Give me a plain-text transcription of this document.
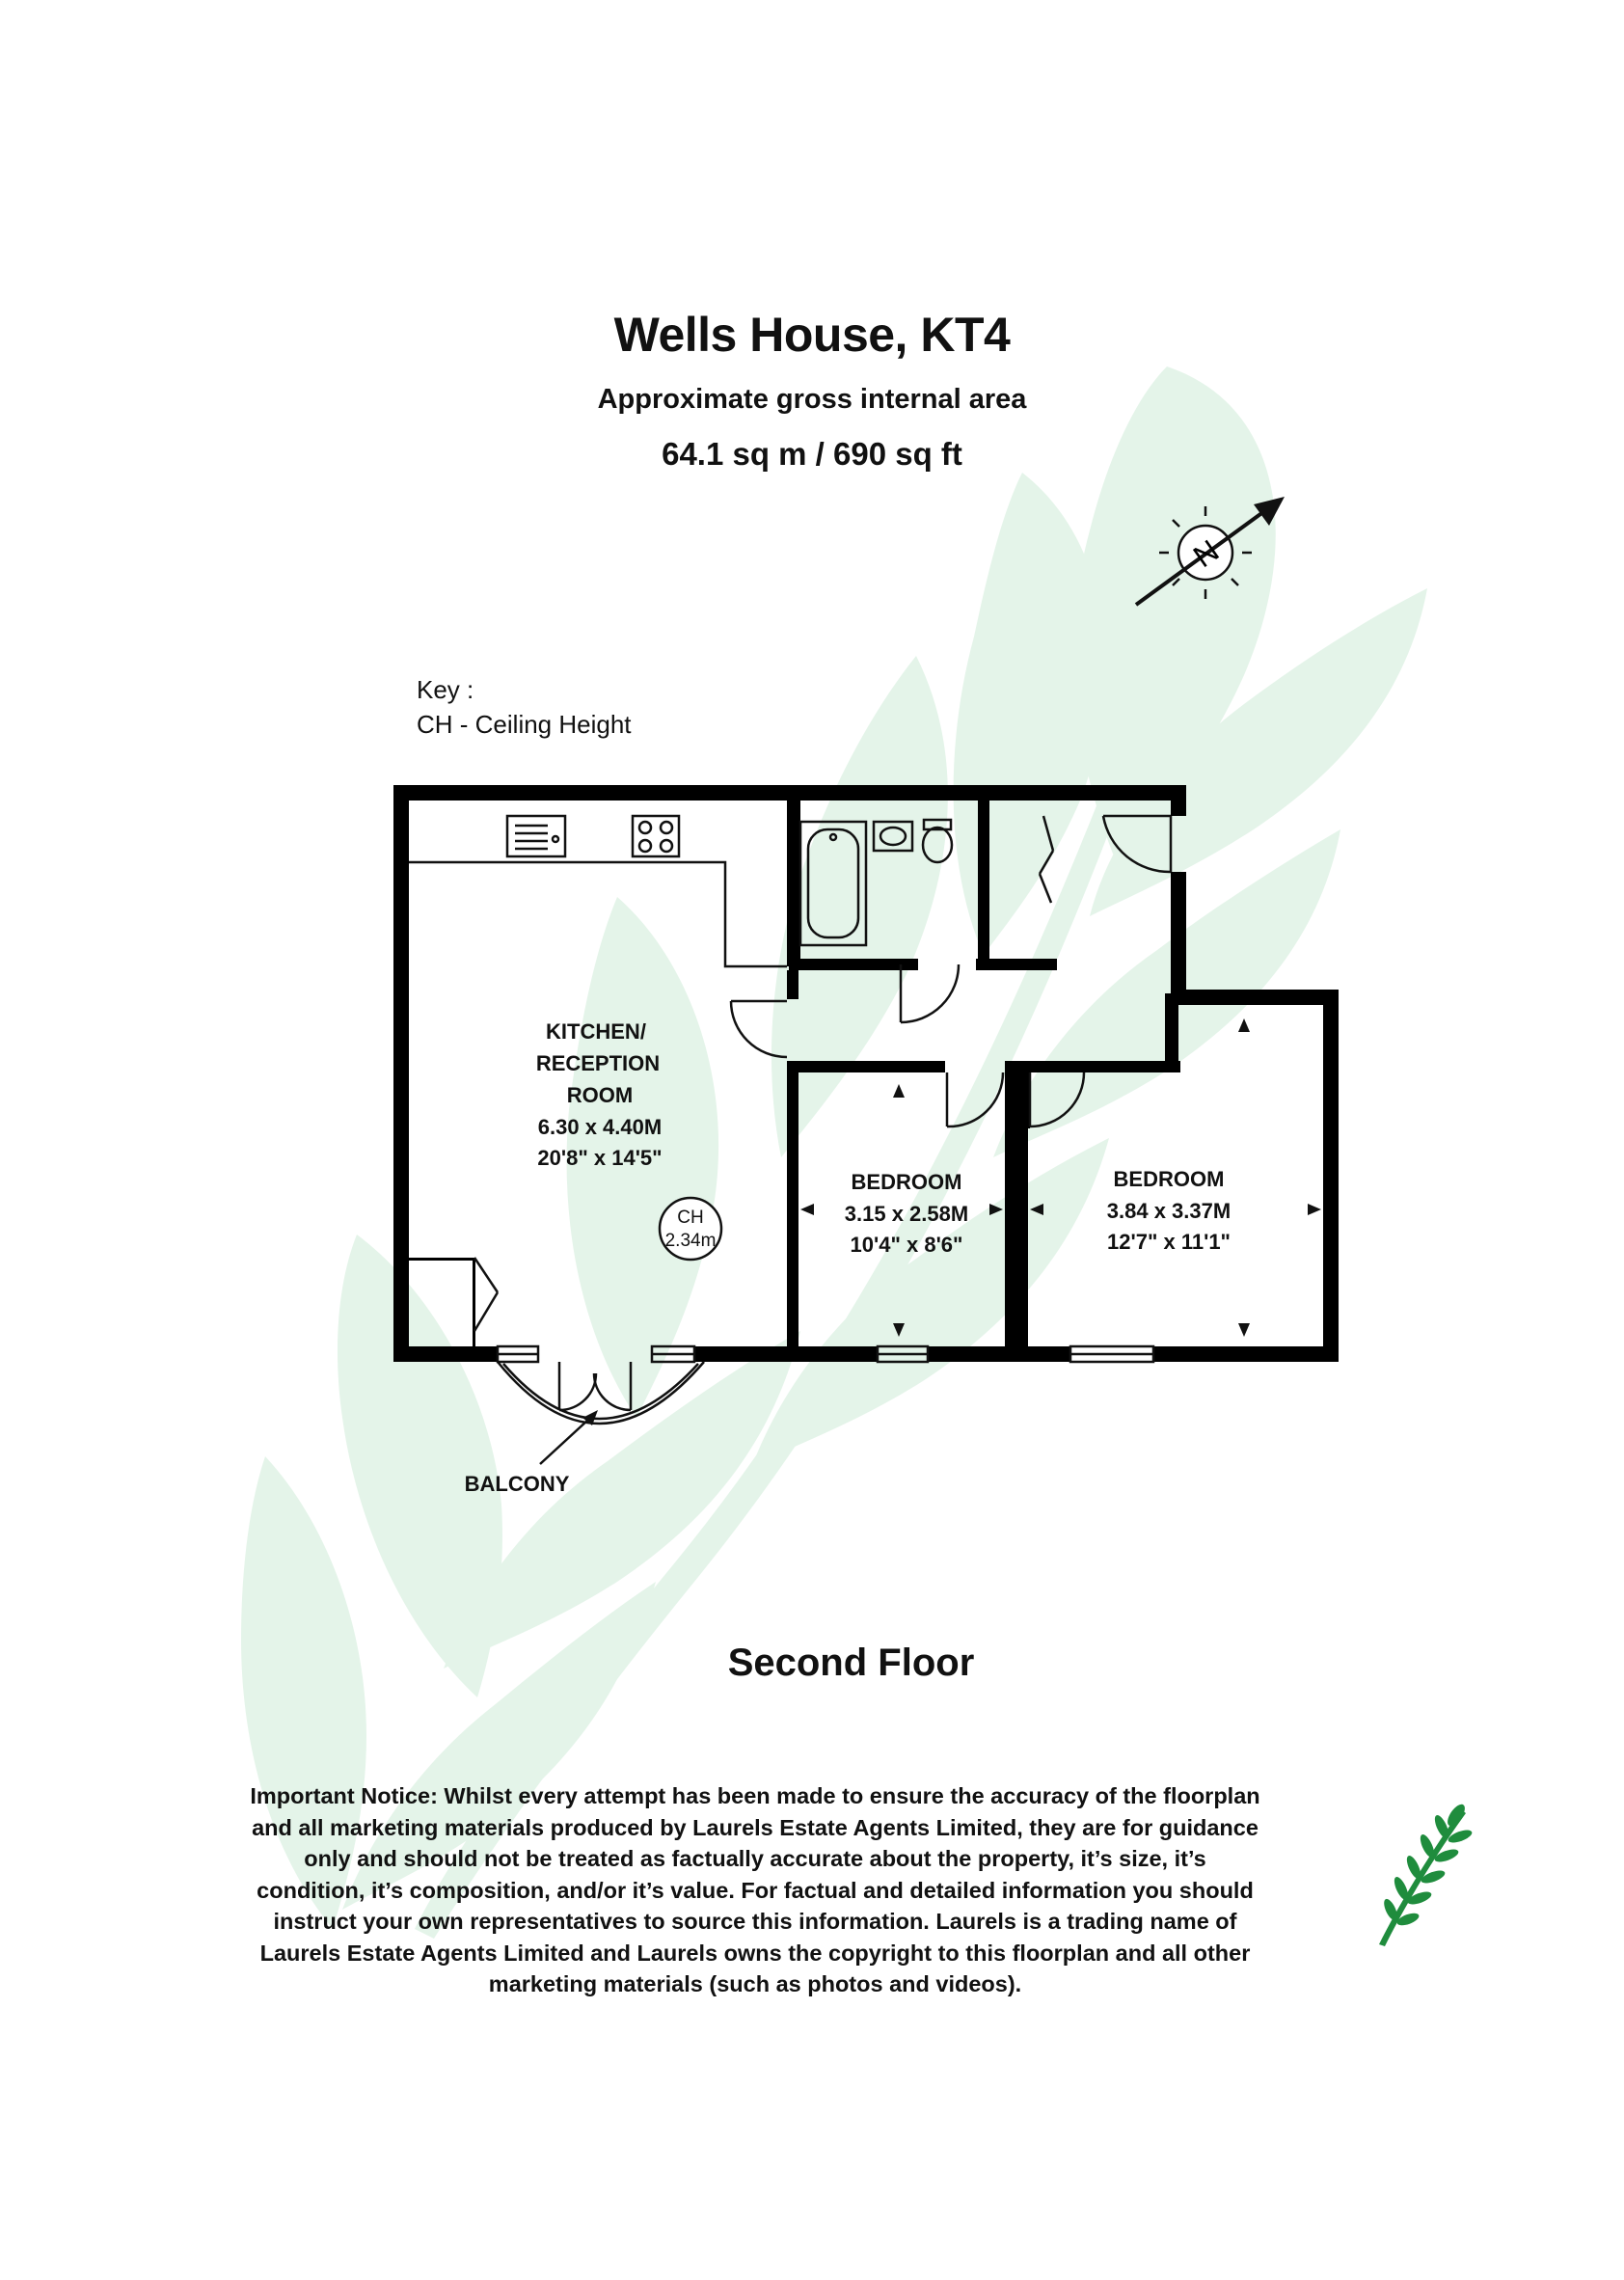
Wells House, KT4
Approximate gross internal area
64.1 sq m / 690 sq ft
N
Key :
CH - Ceiling Height
KITCHEN/
RECEPTION
ROOM
6.30 x 4.40M
20'8" x 14'5"
BEDROOM
3.15 x 2.58M
10'4" x 8'6"
BEDROOM
3.84 x 3.37M
12'7" x 11'1"
BALCONY
CH
2.34m
Second Floor
Important Notice: Whilst every attempt has been made to ensure the accuracy of the floorplan and all marketing materials produced by Laurels Estate Agents Limited, they are for guidance only and should not be treated as factually accurate about the property, it’s size, it’s condition, it’s composition, and/or it’s value. For factual and detailed information you should instruct your own representatives to source this information. Laurels is a trading name of Laurels Estate Agents Limited and Laurels owns the copyright to this floorplan and all other marketing materials (such as photos and videos).
